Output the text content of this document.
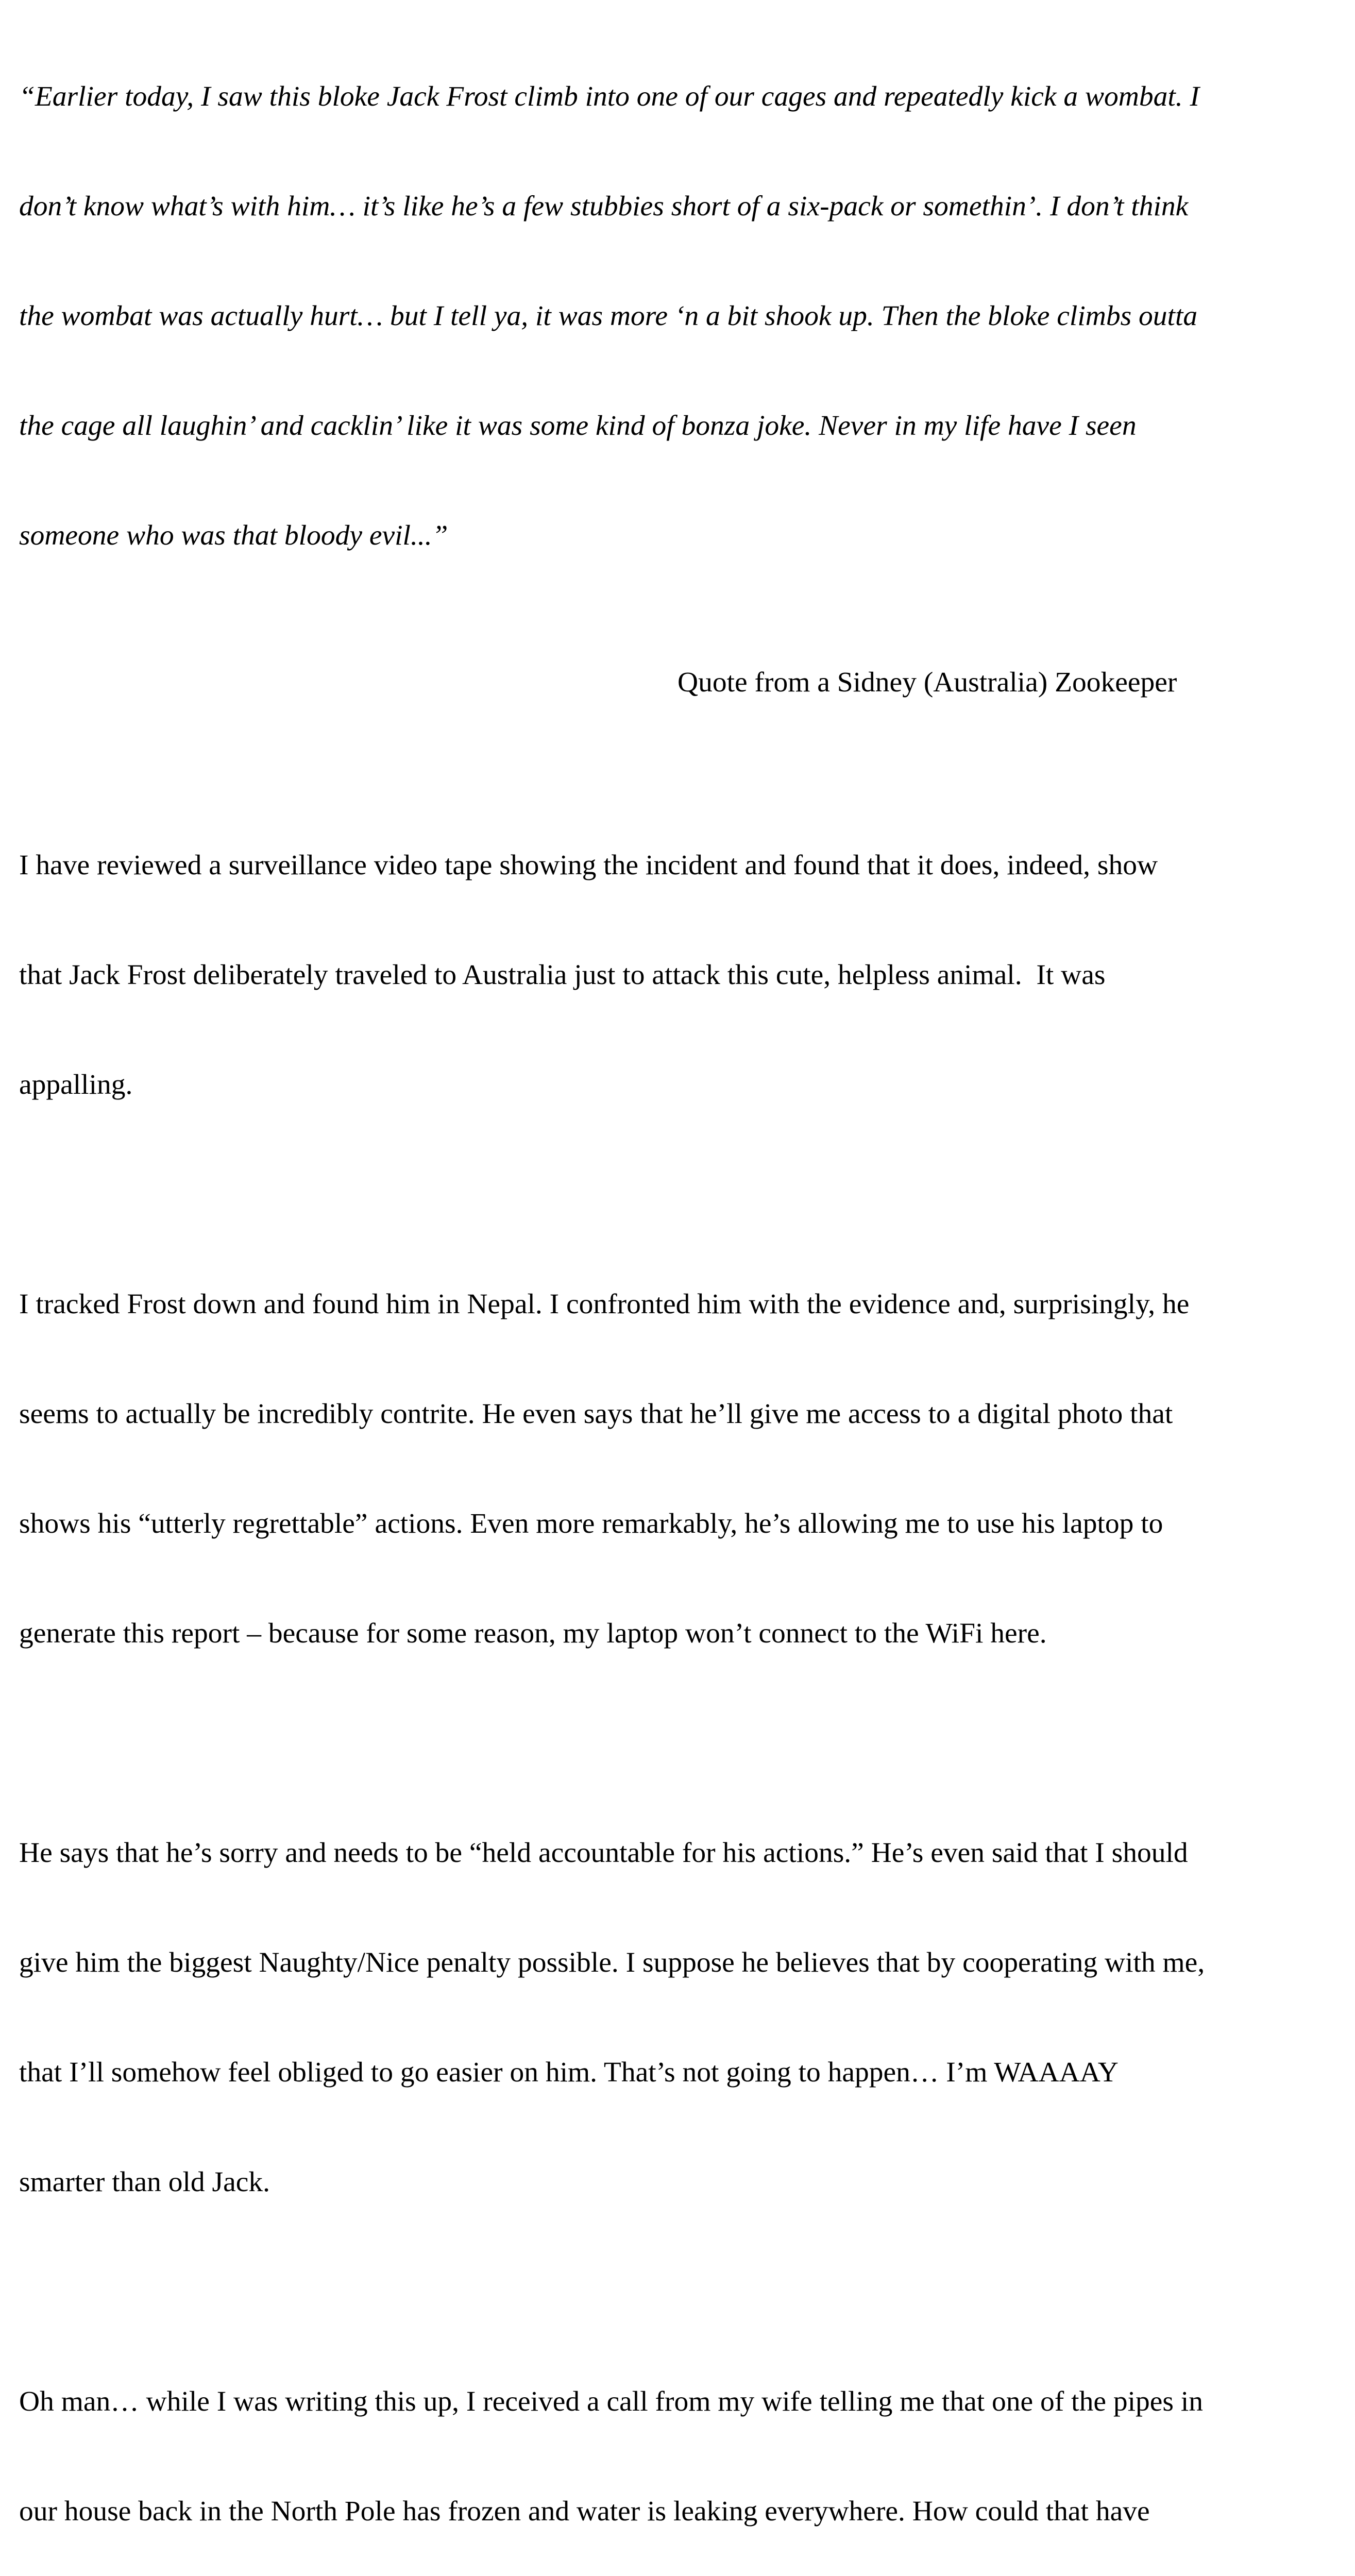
“Earlier today, I saw this bloke Jack Frost climb into one of our cages and repeatedly kick a wombat. I

don’t know what’s with him… it’s like he’s a few stubbies short of a six-pack or somethin’. I don’t think

the wombat was actually hurt… but I tell ya, it was more ‘n a bit shook up. Then the bloke climbs outta

the cage all laughin’ and cacklin’ like it was some kind of bonza joke. Never in my life have I seen

someone who was that bloody evil...”

Quote from a Sidney (Australia) Zookeeper

I have reviewed a surveillance video tape showing the incident and found that it does, indeed, show

that Jack Frost deliberately traveled to Australia just to attack this cute, helpless animal.  It was

appalling.

I tracked Frost down and found him in Nepal. I confronted him with the evidence and, surprisingly, he

seems to actually be incredibly contrite. He even says that he’ll give me access to a digital photo that

shows his “utterly regrettable” actions. Even more remarkably, he’s allowing me to use his laptop to

generate this report – because for some reason, my laptop won’t connect to the WiFi here.

He says that he’s sorry and needs to be “held accountable for his actions.” He’s even said that I should

give him the biggest Naughty/Nice penalty possible. I suppose he believes that by cooperating with me,

that I’ll somehow feel obliged to go easier on him. That’s not going to happen… I’m WAAAAY

smarter than old Jack.

Oh man… while I was writing this up, I received a call from my wife telling me that one of the pipes in

our house back in the North Pole has frozen and water is leaking everywhere. How could that have
